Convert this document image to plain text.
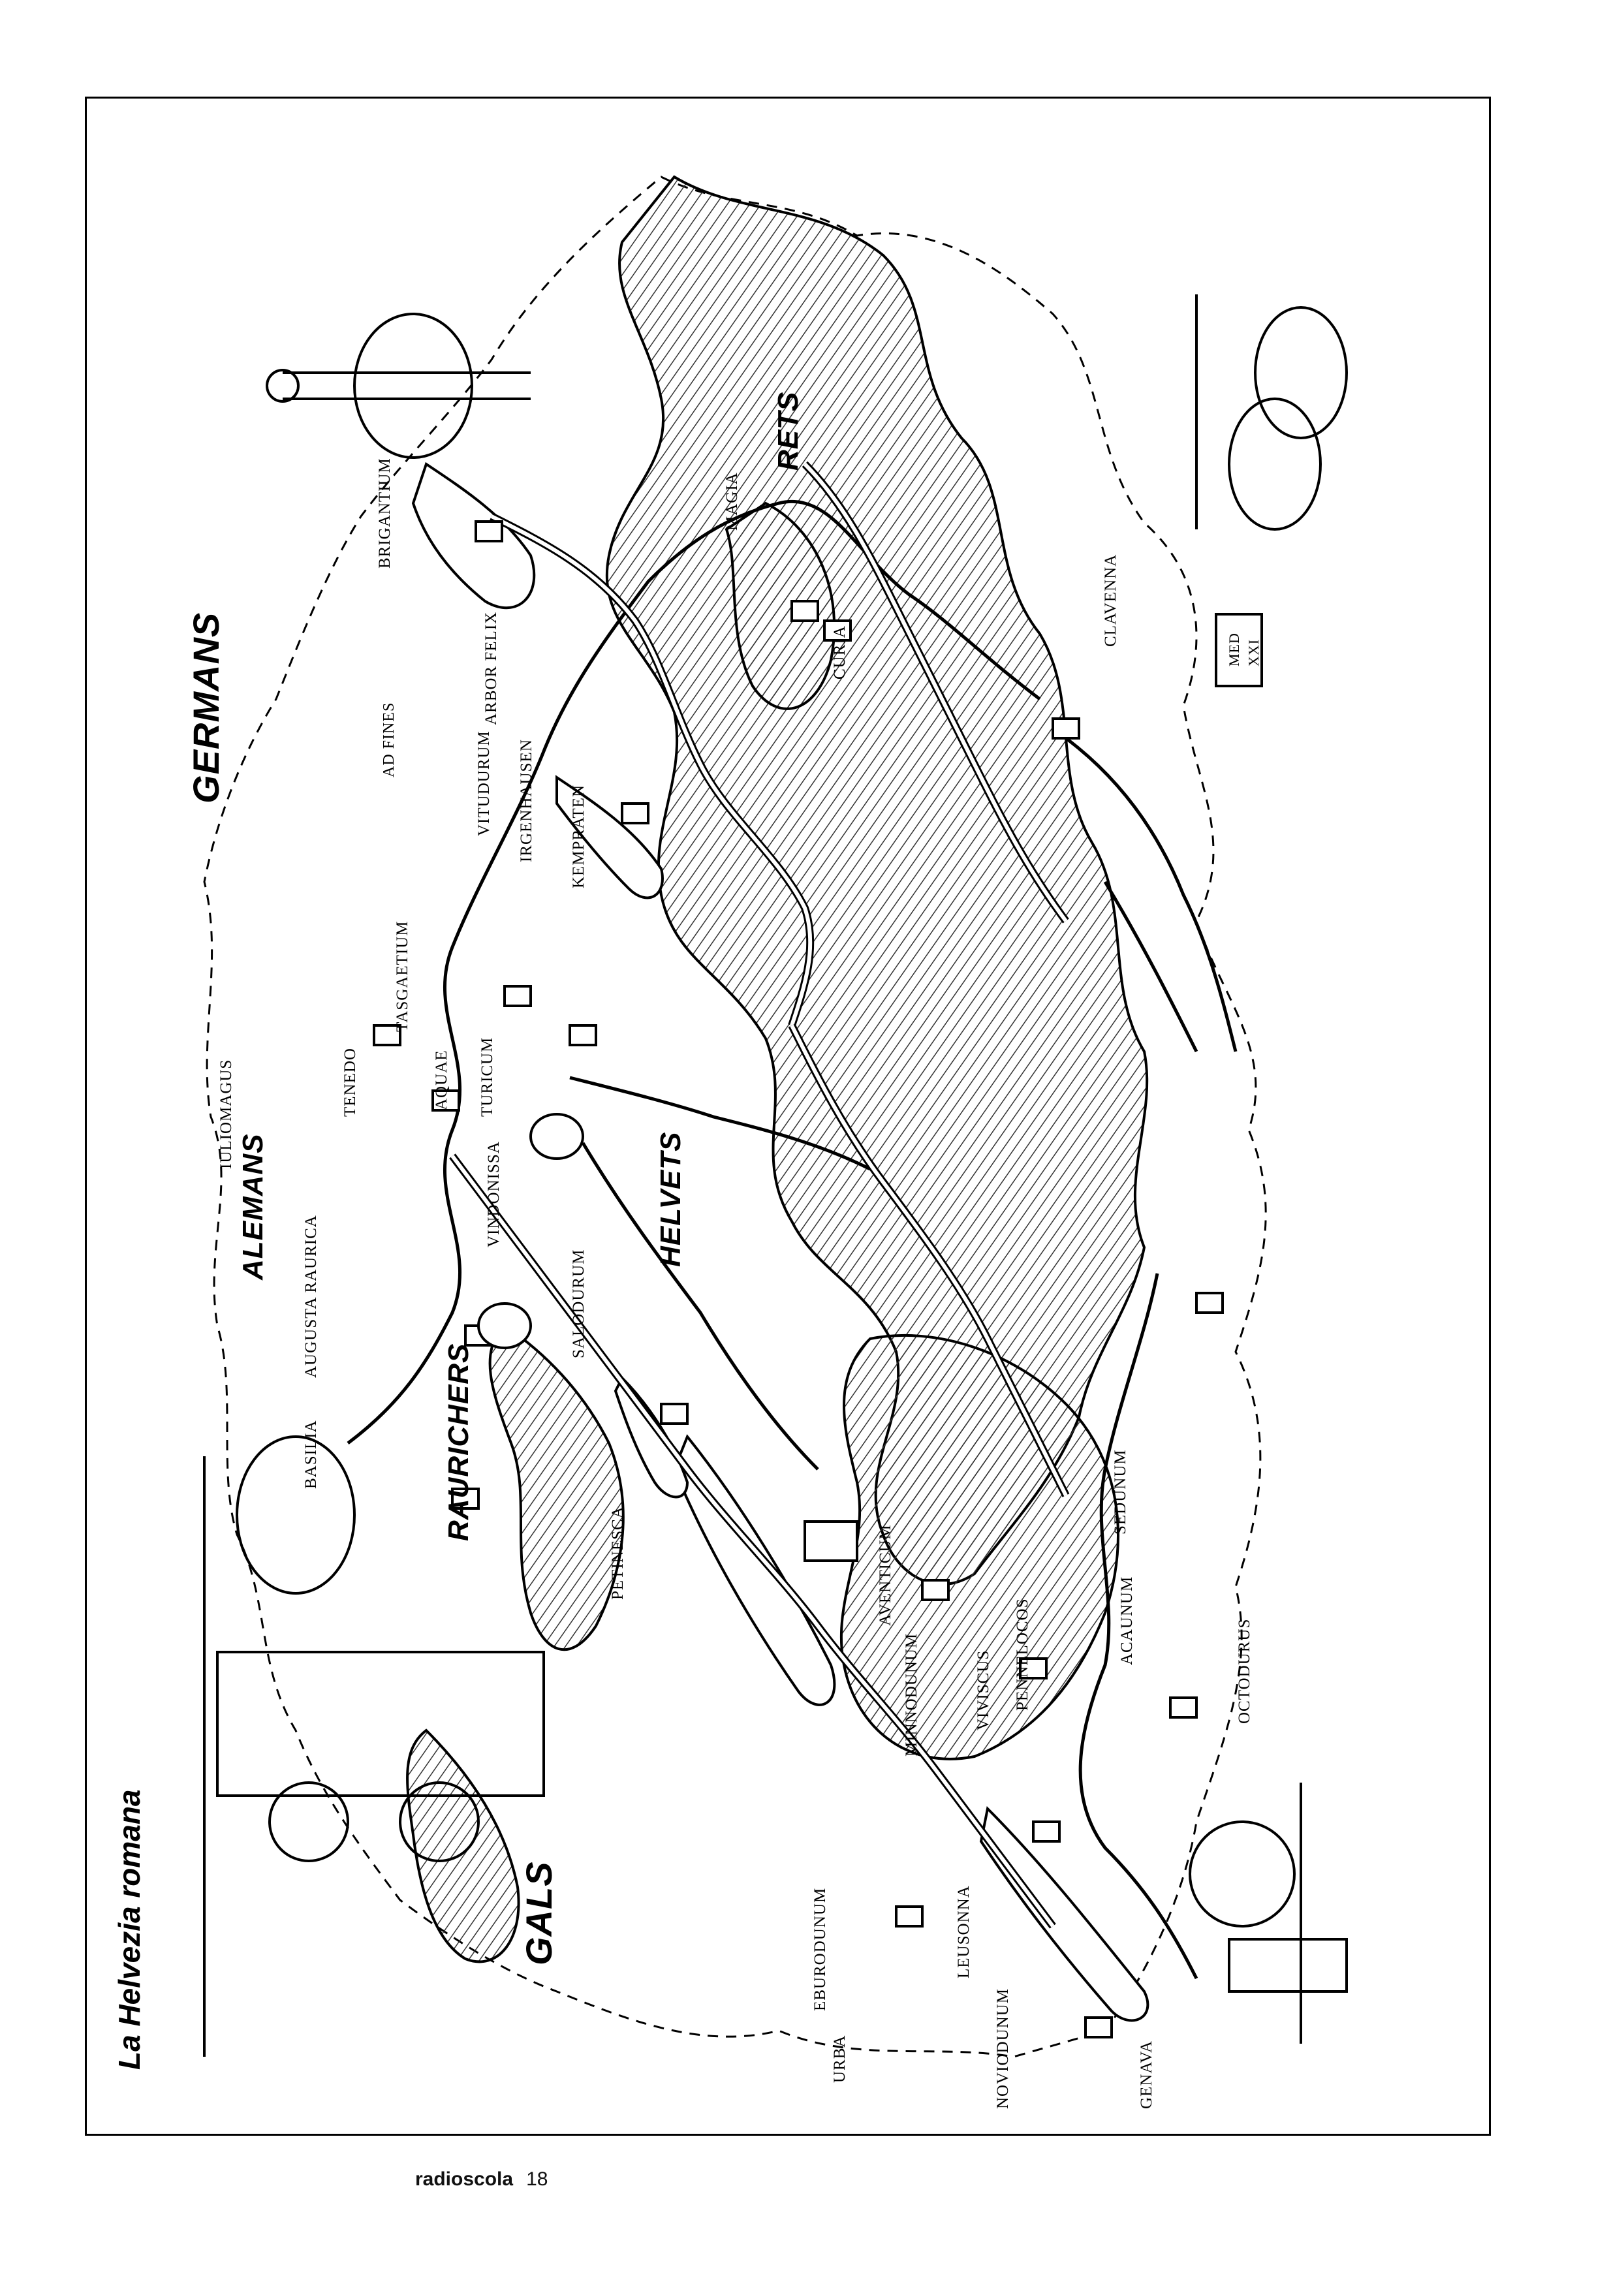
La Helvezia romana
GERMANS
ALEMANS
RAURICHERS
HELVETS
GALS
RETS
BRIGANTIUM	MAGIA
ARBOR FELIX
AD FINES	VITUDURUM IRGENHAUSEN KEMPRATEN
CURIA
CLAVENNA
IULIOMAGUS
TASGAETIUM
TENEDO	AQUAE TURICUM
VINDONISSA
AUGUSTA RAURICA	SALODURUM
BASILIA
PETINESCA	AVENTICUM
MINNODUNUM	VIVISCUS PENNELOCOS
SEDUNUM
ACAUNUM	OCTODURUS
EBURODUNUM	LEUSONNA
URBA	NOVIODUNUM	GENAVA
MED XXI
radioscola 18
